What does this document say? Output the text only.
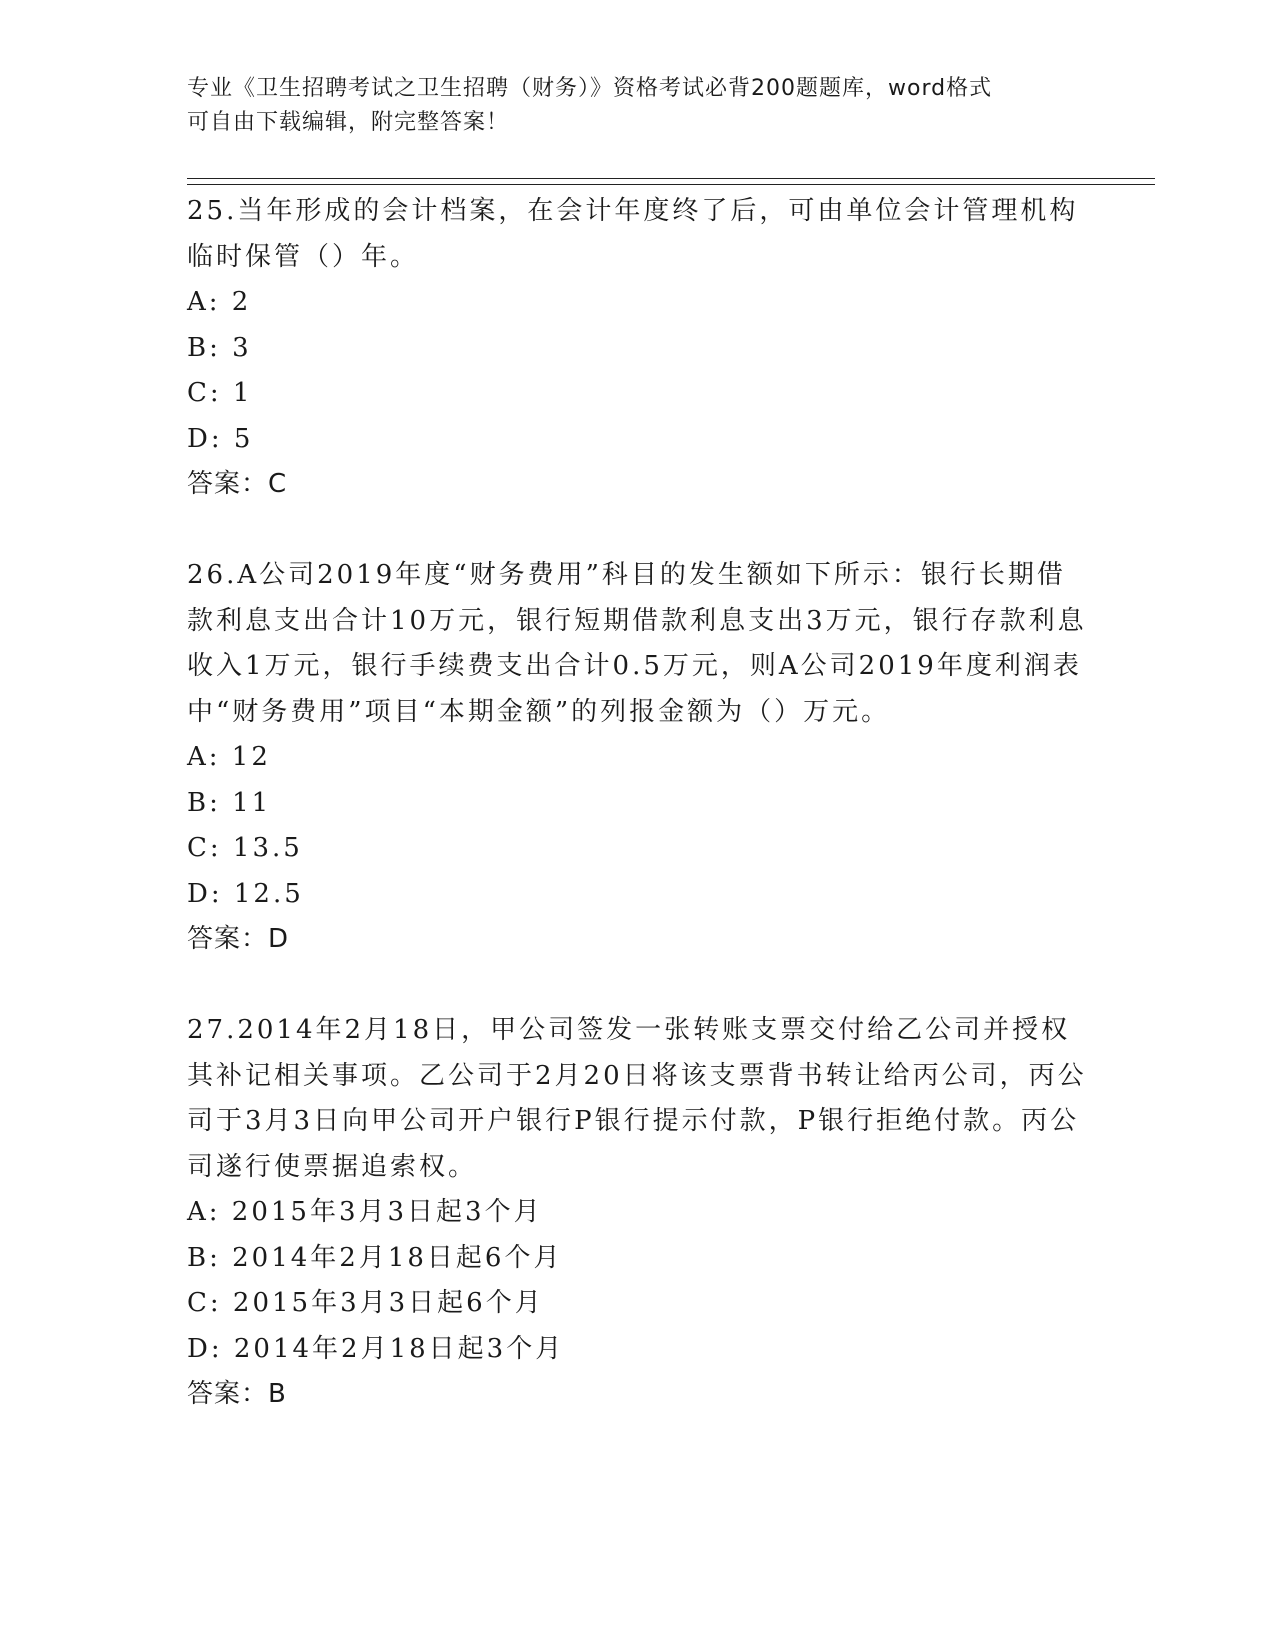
专业《卫生招聘考试之卫生招聘（财务）》资格考试必背200题题库，word格式
可自由下载编辑，附完整答案！

25.当年形成的会计档案，在会计年度终了后，可由单位会计管理机构临时保管（）年。

A: 2

B: 3

C: 1

D: 5

答案：C

26.A公司2019年度“财务费用”科目的发生额如下所示：银行长期借款利息支出合计10万元，银行短期借款利息支出3万元，银行存款利息收入1万元，银行手续费支出合计0.5万元，则A公司2019年度利润表中“财务费用”项目“本期金额”的列报金额为（）万元。

A: 12

B: 11

C: 13.5

D: 12.5

答案：D

27.2014年2月18日，甲公司签发一张转账支票交付给乙公司并授权其补记相关事项。乙公司于2月20日将该支票背书转让给丙公司，丙公司于3月3日向甲公司开户银行P银行提示付款，P银行拒绝付款。丙公司遂行使票据追索权。

A: 2015年3月3日起3个月

B: 2014年2月18日起6个月

C: 2015年3月3日起6个月

D: 2014年2月18日起3个月

答案：B
